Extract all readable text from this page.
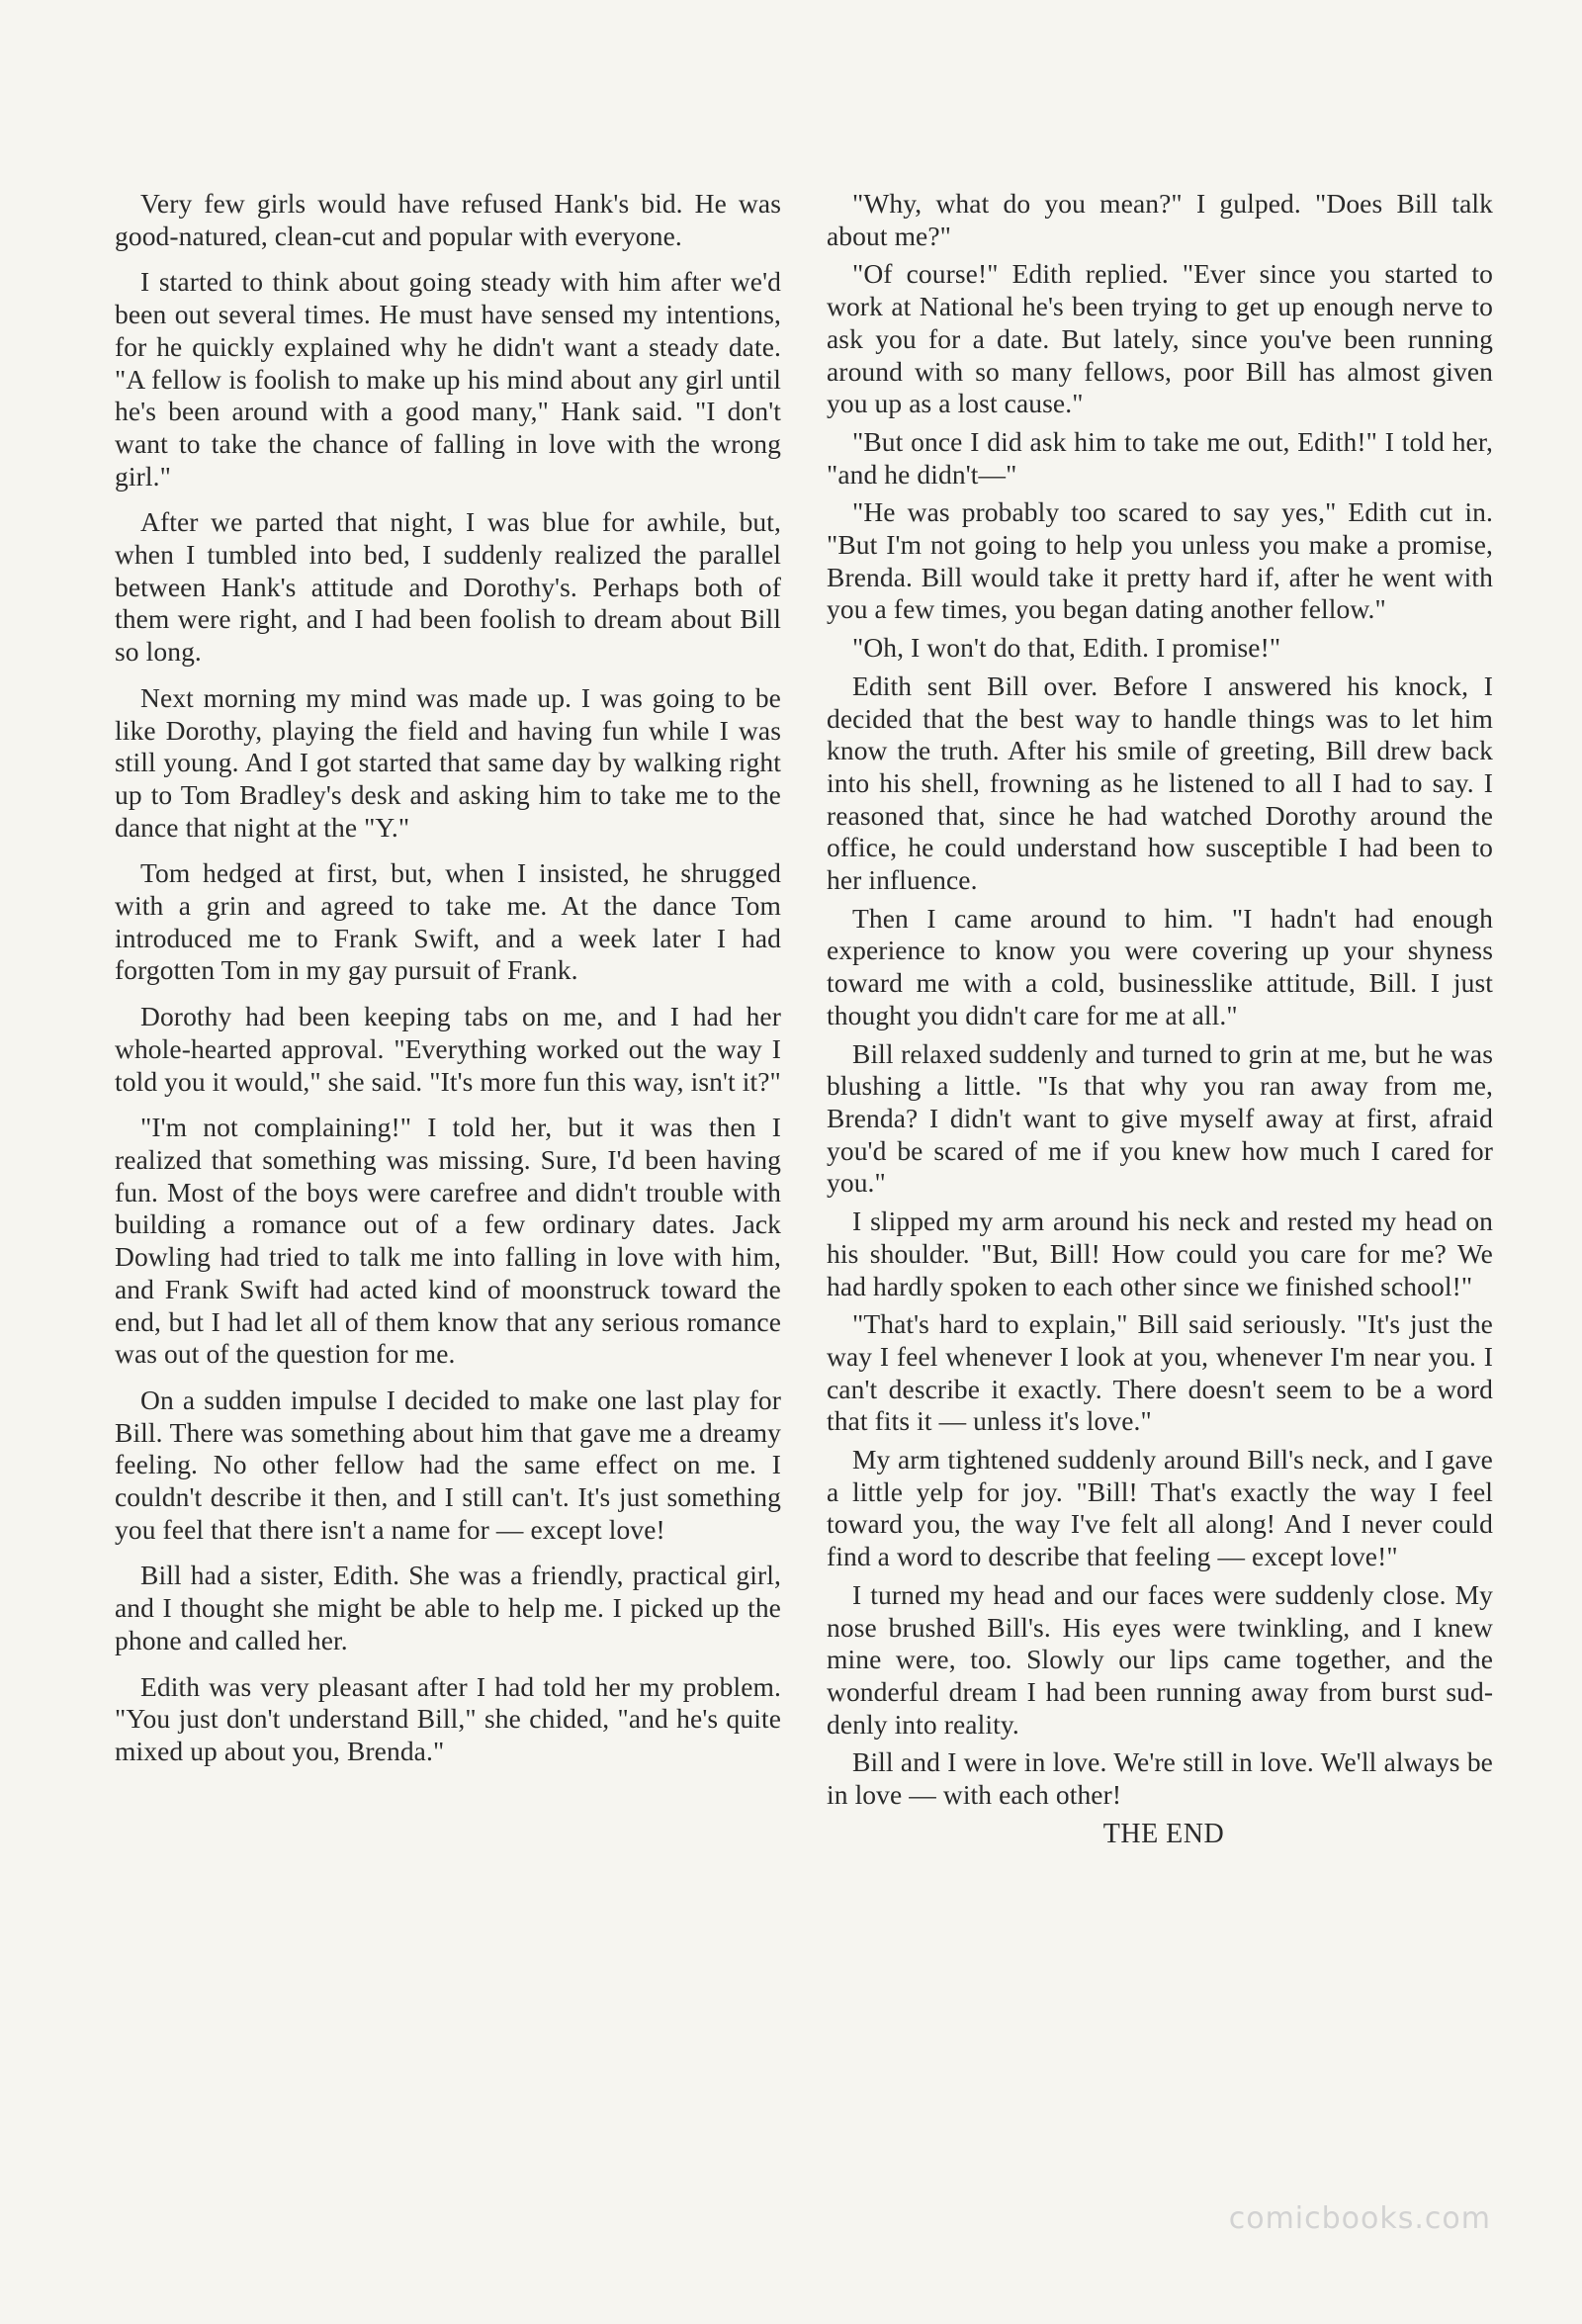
Very few girls would have refused Hank's bid. He was good-natured, clean-cut and popular with everyone.

I started to think about going steady with him after we'd been out several times. He must have sensed my intentions, for he quickly explained why he didn't want a steady date. "A fellow is foolish to make up his mind about any girl until he's been around with a good many," Hank said. "I don't want to take the chance of falling in love with the wrong girl."

After we parted that night, I was blue for awhile, but, when I tumbled into bed, I suddenly realized the parallel between Hank's attitude and Dorothy's. Perhaps both of them were right, and I had been foolish to dream about Bill so long.

Next morning my mind was made up. I was going to be like Dorothy, playing the field and having fun while I was still young. And I got started that same day by walking right up to Tom Bradley's desk and asking him to take me to the dance that night at the "Y."

Tom hedged at first, but, when I insisted, he shrugged with a grin and agreed to take me. At the dance Tom introduced me to Frank Swift, and a week later I had forgotten Tom in my gay pursuit of Frank.

Dorothy had been keeping tabs on me, and I had her whole-hearted approval. "Everything worked out the way I told you it would," she said. "It's more fun this way, isn't it?"

"I'm not complaining!" I told her, but it was then I realized that something was missing. Sure, I'd been having fun. Most of the boys were carefree and didn't trouble with building a romance out of a few ordinary dates. Jack Dowling had tried to talk me into falling in love with him, and Frank Swift had acted kind of moonstruck toward the end, but I had let all of them know that any serious romance was out of the question for me.

On a sudden impulse I decided to make one last play for Bill. There was something about him that gave me a dreamy feeling. No other fellow had the same effect on me. I couldn't describe it then, and I still can't. It's just something you feel that there isn't a name for — except love!

Bill had a sister, Edith. She was a friendly, practical girl, and I thought she might be able to help me. I picked up the phone and called her.

Edith was very pleasant after I had told her my problem. "You just don't understand Bill," she chided, "and he's quite mixed up about you, Brenda."

"Why, what do you mean?" I gulped. "Does Bill talk about me?"

"Of course!" Edith replied. "Ever since you started to work at National he's been trying to get up enough nerve to ask you for a date. But lately, since you've been running around with so many fellows, poor Bill has almost given you up as a lost cause."

"But once I did ask him to take me out, Edith!" I told her, "and he didn't—"

"He was probably too scared to say yes," Edith cut in. "But I'm not going to help you unless you make a promise, Brenda. Bill would take it pretty hard if, after he went with you a few times, you began dating another fellow."

"Oh, I won't do that, Edith. I promise!"

Edith sent Bill over. Before I answered his knock, I decided that the best way to handle things was to let him know the truth. After his smile of greeting, Bill drew back into his shell, frowning as he listened to all I had to say. I reasoned that, since he had watched Dorothy around the office, he could understand how susceptible I had been to her influence.

Then I came around to him. "I hadn't had enough experience to know you were covering up your shyness toward me with a cold, businesslike attitude, Bill. I just thought you didn't care for me at all."

Bill relaxed suddenly and turned to grin at me, but he was blushing a little. "Is that why you ran away from me, Brenda? I didn't want to give myself away at first, afraid you'd be scared of me if you knew how much I cared for you."

I slipped my arm around his neck and rested my head on his shoulder. "But, Bill! How could you care for me? We had hardly spoken to each other since we finished school!"

"That's hard to explain," Bill said seriously. "It's just the way I feel whenever I look at you, whenever I'm near you. I can't describe it exactly. There doesn't seem to be a word that fits it — unless it's love."

My arm tightened suddenly around Bill's neck, and I gave a little yelp for joy. "Bill! That's exactly the way I feel toward you, the way I've felt all along! And I never could find a word to describe that feeling — except love!"

I turned my head and our faces were suddenly close. My nose brushed Bill's. His eyes were twinkling, and I knew mine were, too. Slowly our lips came together, and the wonderful dream I had been running away from burst suddenly into reality.

Bill and I were in love. We're still in love. We'll always be in love — with each other!

THE END

comicbooks.com
